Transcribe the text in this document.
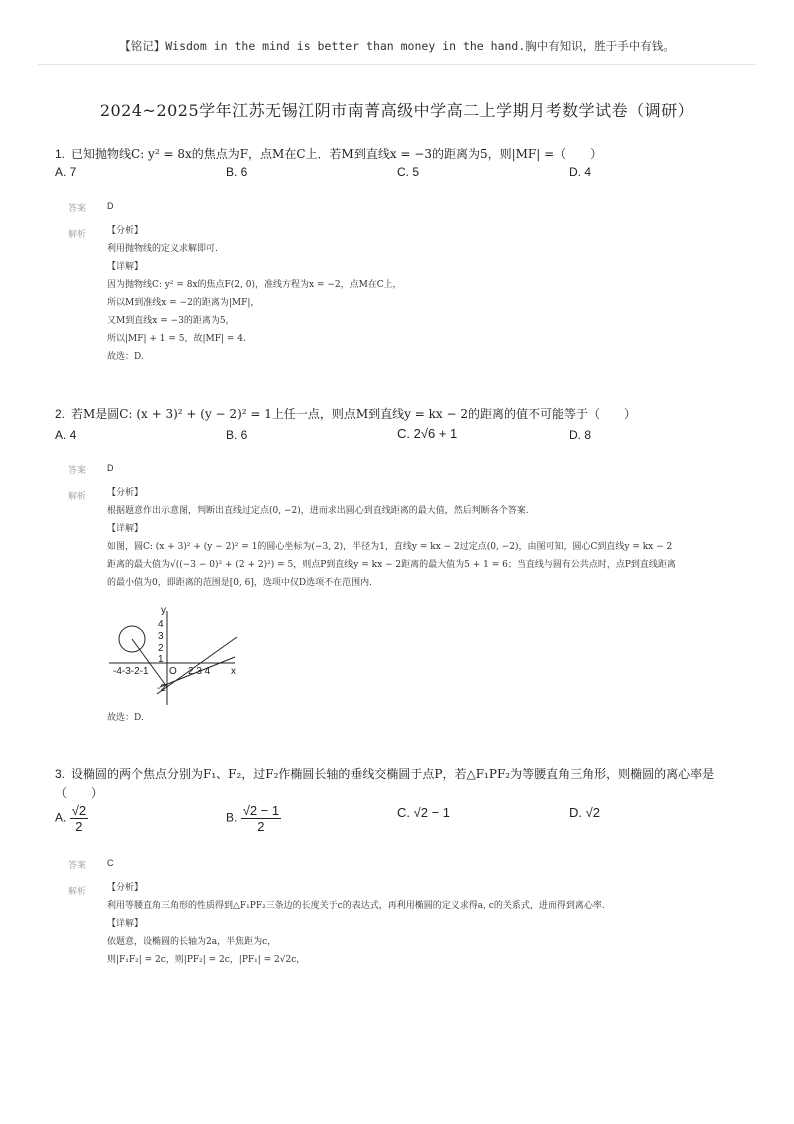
【铭记】Wisdom in the mind is better than money in the hand.胸中有知识，胜于手中有钱。
2024~2025学年江苏无锡江阴市南菁高级中学高二上学期月考数学试卷（调研）
1. 已知抛物线C: y² = 8x的焦点为F，点M在C上．若M到直线x = −3的距离为5，则|MF| =（　　）
A. 7	B. 6	C. 5	D. 4
答案 D
解析 【分析】
利用抛物线的定义求解即可.
【详解】
因为抛物线C: y² = 8x的焦点F(2, 0)，准线方程为x = −2，点M在C上，
所以M到准线x = −2的距离为|MF|，
又M到直线x = −3的距离为5，
所以|MF| + 1 = 5，故|MF| = 4.
故选：D.
2. 若M是圆C: (x + 3)² + (y − 2)² = 1上任一点，则点M到直线y = kx − 2的距离的值不可能等于（　　）
A. 4	B. 6	C. 2√6 + 1	D. 8
答案 D
解析 【分析】
根据题意作出示意图，判断出直线过定点(0, −2)，进而求出圆心到直线距离的最大值，然后判断各个答案.
【详解】
如图，圆C: (x + 3)² + (y − 2)² = 1的圆心坐标为(−3, 2)，半径为1，直线y = kx − 2过定点(0, −2)，由图可知，圆心C到直线y = kx − 2
距离的最大值为√((−3 − 0)² + (2 + 2)²) = 5，则点P到直线y = kx − 2距离的最大值为5 + 1 = 6；当直线与圆有公共点时，点P到直线距离
的最小值为0，即距离的范围是[0, 6]，选项中仅D选项不在范围内.
y
x
4
3
2
1
-4-3-2-1 O 2 3 4
-2
故选：D.
3. 设椭圆的两个焦点分别为F₁、F₂，过F₂作椭圆长轴的垂线交椭圆于点P，若△F₁PF₂为等腰直角三角形，则椭圆的离心率是
（　　）
A. $\frac{√2}{2}$	B. $\frac{√2 - 1}{2}$	C. √2 − 1	D. √2
答案 C
解析 【分析】
利用等腰直角三角形的性质得到△F₁PF₂三条边的长度关于c的表达式，再利用椭圆的定义求得a, c的关系式，进而得到离心率.
【详解】
依题意，设椭圆的长轴为2a，半焦距为c，
则|F₁F₂| = 2c，则|PF₂| = 2c，|PF₁| = 2√2c，
